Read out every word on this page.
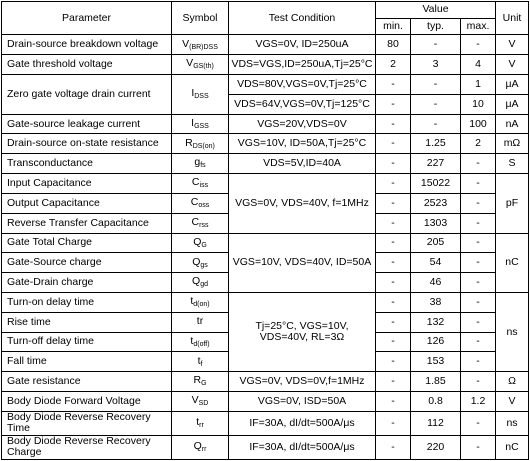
Parameter	Symbol	Test Condition	Value			Unit
			min.	typ.	max.	
Drain-source breakdown voltage	$V_{(BR)DSS}$	VGS=0V, ID=250uA	80	-	-	V
Gate threshold voltage	$V_{GS(th)}$	VDS=VGS,ID=250uA,Tj=25°C	2	3	4	V
Zero gate voltage drain current	$I_{DSS}$	VDS=80V,VGS=0V,Tj=25°C	-	-	1	μA
		VDS=64V,VGS=0V,Tj=125°C	-	-	10	μA
Gate-source leakage current	$I_{GSS}$	VGS=20V,VDS=0V	-	-	100	nA
Drain-source on-state resistance	$R_{DS(on)}$	VGS=10V, ID=50A,Tj=25°C	-	1.25	2	mΩ
Transconductance	$g_{fs}$	VDS=5V,ID=40A	-	227	-	S
Input Capacitance	$C_{iss}$	VGS=0V, VDS=40V, f=1MHz	-	15022	-	pF
Output Capacitance	$C_{oss}$		-	2523	-	
Reverse Transfer Capacitance	$C_{rss}$		-	1303	-	
Gate Total Charge	$Q_G$	VGS=10V, VDS=40V, ID=50A	-	205	-	nC
Gate-Source charge	$Q_{gs}$		-	54	-	
Gate-Drain charge	$Q_{gd}$		-	46	-	
Turn-on delay time	$t_{d(on)}$	Tj=25°C, VGS=10V, VDS=40V, RL=3Ω	-	38	-	ns
Rise time	tr		-	132	-	
Turn-off delay time	$t_{d(off)}$		-	126	-	
Fall time	$t_f$		-	153	-	
Gate resistance	$R_G$	VGS=0V, VDS=0V,f=1MHz	-	1.85	-	Ω
Body Diode Forward Voltage	$V_{SD}$	VGS=0V, ISD=50A	-	0.8	1.2	V
Body Diode Reverse Recovery Time	$t_{rr}$	IF=30A, dI/dt=500A/μs	-	112	-	ns
Body Diode Reverse Recovery Charge	$Q_{rr}$	IF=30A, dI/dt=500A/μs	-	220	-	nC
